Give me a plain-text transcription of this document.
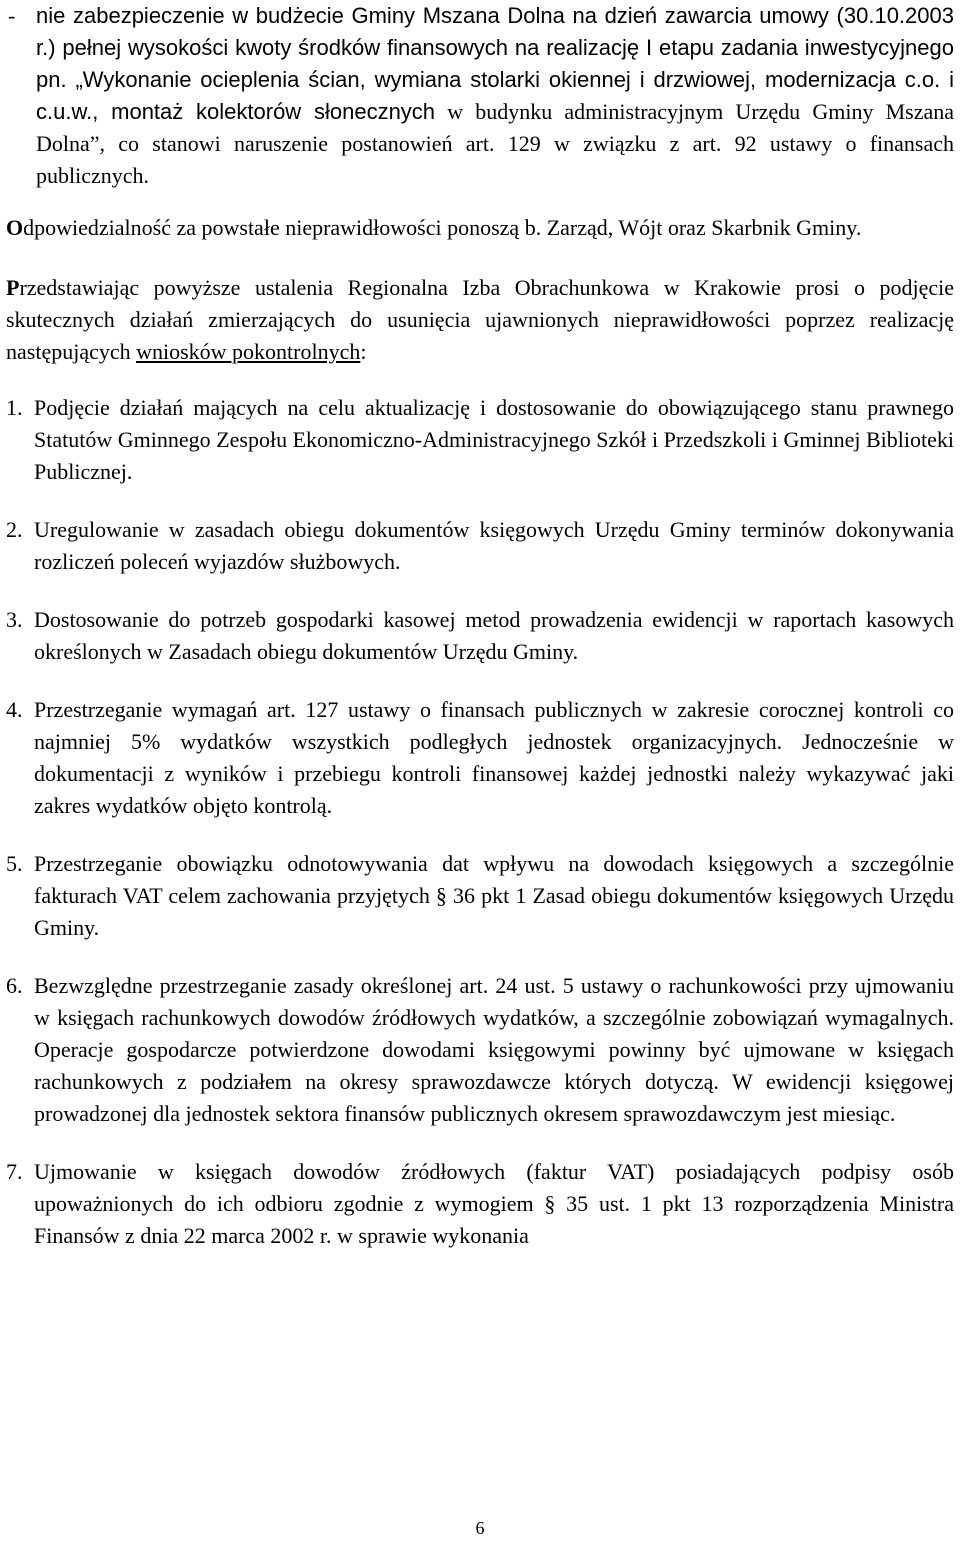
- nie zabezpieczenie w budżecie Gminy Mszana Dolna na dzień zawarcia umowy (30.10.2003 r.) pełnej wysokości kwoty środków finansowych na realizację I etapu zadania inwestycyjnego pn. „Wykonanie ocieplenia ścian, wymiana stolarki okiennej i drzwiowej, modernizacja c.o. i c.u.w., montaż kolektorów słonecznych w budynku administracyjnym Urzędu Gminy Mszana Dolna”, co stanowi naruszenie postanowień art. 129 w związku z art. 92 ustawy o finansach publicznych.

Odpowiedzialność za powstałe nieprawidłowości ponoszą b. Zarząd, Wójt oraz Skarbnik Gminy.

Przedstawiając powyższe ustalenia Regionalna Izba Obrachunkowa w Krakowie prosi o podjęcie skutecznych działań zmierzających do usunięcia ujawnionych nieprawidłowości poprzez realizację następujących wniosków pokontrolnych:

1. Podjęcie działań mających na celu aktualizację i dostosowanie do obowiązującego stanu prawnego Statutów Gminnego Zespołu Ekonomiczno-Administracyjnego Szkół i Przedszkoli i Gminnej Biblioteki Publicznej.
2. Uregulowanie w zasadach obiegu dokumentów księgowych Urzędu Gminy terminów dokonywania rozliczeń poleceń wyjazdów służbowych.
3. Dostosowanie do potrzeb gospodarki kasowej metod prowadzenia ewidencji w raportach kasowych określonych w Zasadach obiegu dokumentów Urzędu Gminy.
4. Przestrzeganie wymagań art. 127 ustawy o finansach publicznych w zakresie corocznej kontroli co najmniej 5% wydatków wszystkich podległych jednostek organizacyjnych. Jednocześnie w dokumentacji z wyników i przebiegu kontroli finansowej każdej jednostki należy wykazywać jaki zakres wydatków objęto kontrolą.
5. Przestrzeganie obowiązku odnotowywania dat wpływu na dowodach księgowych a szczególnie fakturach VAT celem zachowania przyjętych § 36 pkt 1 Zasad obiegu dokumentów księgowych Urzędu Gminy.
6. Bezwzględne przestrzeganie zasady określonej art. 24 ust. 5 ustawy o rachunkowości przy ujmowaniu w księgach rachunkowych dowodów źródłowych wydatków, a szczególnie zobowiązań wymagalnych. Operacje gospodarcze potwierdzone dowodami księgowymi powinny być ujmowane w księgach rachunkowych z podziałem na okresy sprawozdawcze których dotyczą. W ewidencji księgowej prowadzonej dla jednostek sektora finansów publicznych okresem sprawozdawczym jest miesiąc.
7. Ujmowanie w księgach dowodów źródłowych (faktur VAT) posiadających podpisy osób upoważnionych do ich odbioru zgodnie z wymogiem § 35 ust. 1 pkt 13 rozporządzenia Ministra Finansów z dnia 22 marca 2002 r. w sprawie wykonania
6
